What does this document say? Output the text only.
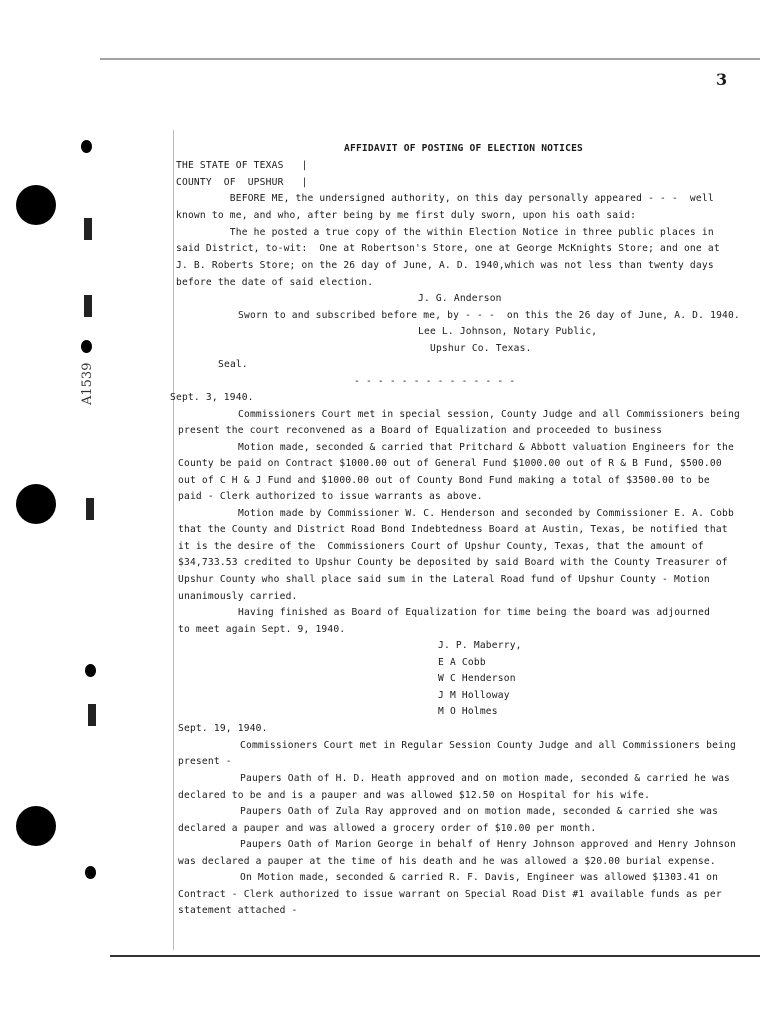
3
A1539
AFFIDAVIT OF POSTING OF ELECTION NOTICES
THE STATE OF TEXAS   |
COUNTY  OF  UPSHUR   |
BEFORE ME, the undersigned authority, on this day personally appeared - - -  well
known to me, and who, after being by me first duly sworn, upon his oath said:
The he posted a true copy of the within Election Notice in three public places in
said District, to-wit:  One at Robertson's Store, one at George McKnights Store; and one at
J. B. Roberts Store; on the 26 day of June, A. D. 1940,which was not less than twenty days
before the date of said election.
J. G. Anderson
Sworn to and subscribed before me, by - - -  on this the 26 day of June, A. D. 1940.
Lee L. Johnson, Notary Public,
Upshur Co. Texas.
Seal.
- - - - - - - - - - - - - -
Sept. 3, 1940.
Commissioners Court met in special session, County Judge and all Commissioners being
present the court reconvened as a Board of Equalization and proceeded to business
Motion made, seconded & carried that Pritchard & Abbott valuation Engineers for the
County be paid on Contract $1000.00 out of General Fund $1000.00 out of R & B Fund, $500.00
out of C H & J Fund and $1000.00 out of County Bond Fund making a total of $3500.00 to be
paid - Clerk authorized to issue warrants as above.
Motion made by Commissioner W. C. Henderson and seconded by Commissioner E. A. Cobb
that the County and District Road Bond Indebtedness Board at Austin, Texas, be notified that
it is the desire of the  Commissioners Court of Upshur County, Texas, that the amount of
$34,733.53 credited to Upshur County be deposited by said Board with the County Treasurer of
Upshur County who shall place said sum in the Lateral Road fund of Upshur County - Motion
unanimously carried.
Having finished as Board of Equalization for time being the board was adjourned
to meet again Sept. 9, 1940.
J. P. Maberry,
E A Cobb
W C Henderson
J M Holloway
M O Holmes
Sept. 19, 1940.
Commissioners Court met in Regular Session County Judge and all Commissioners being
present -
Paupers Oath of H. D. Heath approved and on motion made, seconded & carried he was
declared to be and is a pauper and was allowed $12.50 on Hospital for his wife.
Paupers Oath of Zula Ray approved and on motion made, seconded & carried she was
declared a pauper and was allowed a grocery order of $10.00 per month.
Paupers Oath of Marion George in behalf of Henry Johnson approved and Henry Johnson
was declared a pauper at the time of his death and he was allowed a $20.00 burial expense.
On Motion made, seconded & carried R. F. Davis, Engineer was allowed $1303.41 on
Contract - Clerk authorized to issue warrant on Special Road Dist #1 available funds as per
statement attached -
